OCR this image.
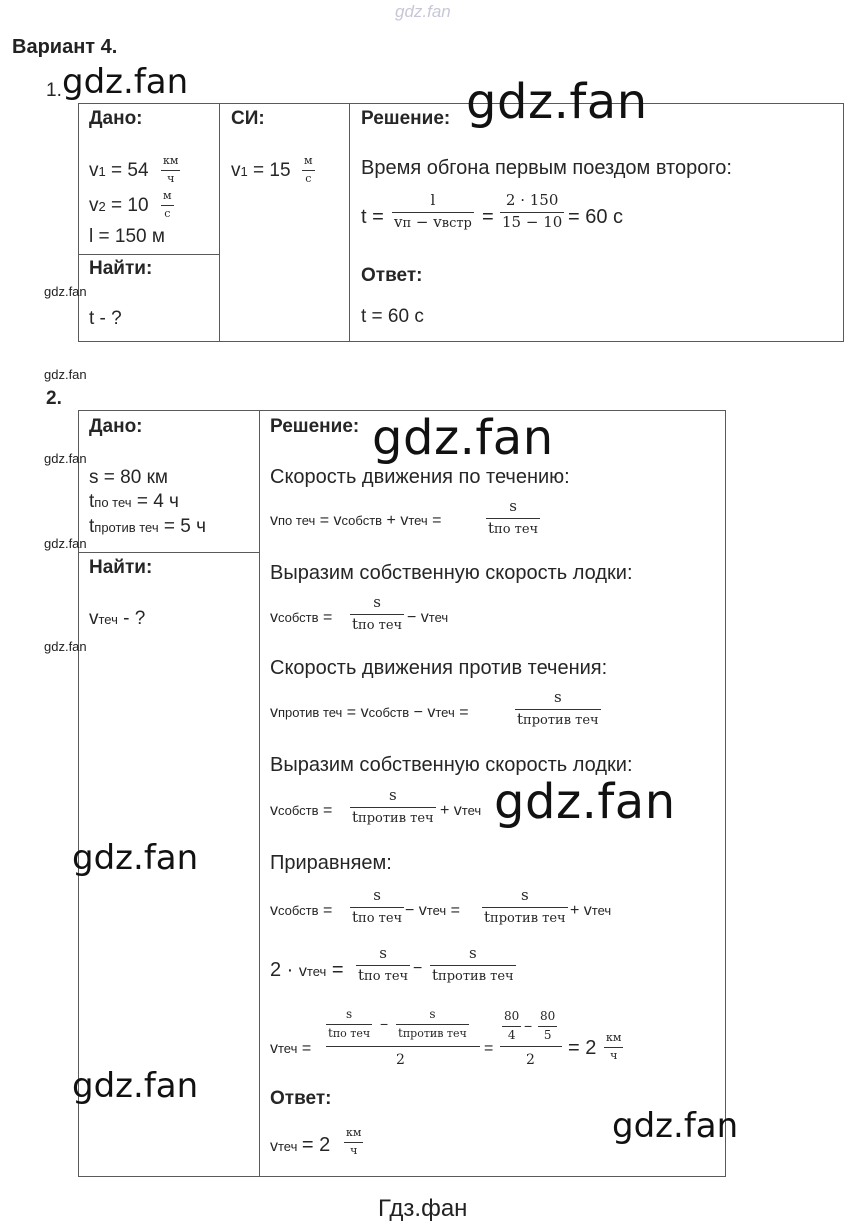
gdz.fan
Вариант 4.
1. gdz.fan
Дано:
v1 = 54 км
ч
v2 = 10 м
с
l = 150 м
Найти:
t - ?
СИ:
v1 = 15 м
с
Решение: gdz.fan
Время обгона первым поездом второго:
t =
l
vп − vвстр =
2 · 150
15 − 10 = 60 с
Ответ:
t = 60 с
gdz.fan
gdz.fan
2.
Дано:
s = 80 км
tпо теч = 4 ч
tпротив теч = 5 ч
Найти:
vтеч - ?
gdz.fan
gdz.fan
gdz.fan
Решение: gdz.fan
Скорость движения по течению:
vпо теч = vсобств + vтеч =
s
tпо теч
Выразим собственную скорость лодки:
vсобств =
s
tпо теч − vтеч
Скорость движения против течения:
vпротив теч = vсобств − vтеч =
s
tпротив теч
Выразим собственную скорость лодки:
vсобств =
s
tпротив теч + vтеч gdz.fan
Приравняем:
vсобств =
s
tпо теч − vтеч =
s
tпротив теч + vтеч
2 · vтеч =
s
tпо теч −
s
tпротив теч
vтеч =
s
tпо теч
−
s
tпротив теч
2
=
80
4
−
80
5
2
= 2 км
ч
Ответ:
vтеч = 2
км
ч
gdz.fan
gdz.fan
gdz.fan
Гдз.фан
